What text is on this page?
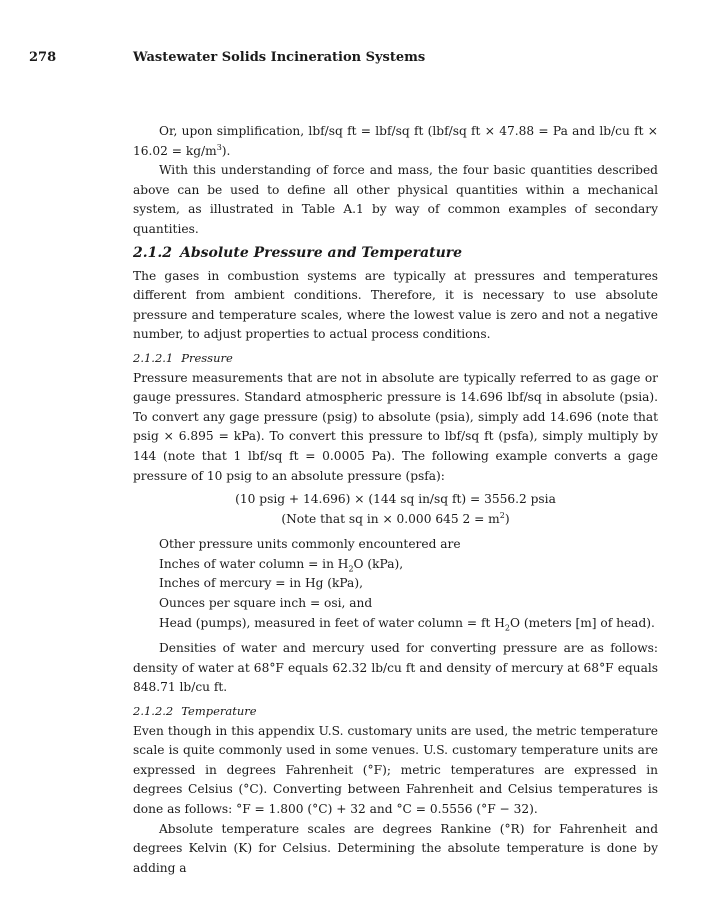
278	Wastewater Solids Incineration Systems

Or, upon simplification, lbf/sq ft = lbf/sq ft (lbf/sq ft × 47.88 = Pa and lb/cu ft × $16.02 = kg/m^3$).

With this understanding of force and mass, the four basic quantities described above can be used to define all other physical quantities within a mechanical system, as illustrated in Table A.1 by way of common examples of secondary quantities.

2.1.2 Absolute Pressure and Temperature

The gases in combustion systems are typically at pressures and temperatures different from ambient conditions. Therefore, it is necessary to use absolute pressure and temperature scales, where the lowest value is zero and not a negative number, to adjust properties to actual process conditions.

2.1.2.1 Pressure

Pressure measurements that are not in absolute are typically referred to as gage or gauge pressures. Standard atmospheric pressure is 14.696 lbf/sq in absolute (psia). To convert any gage pressure (psig) to absolute (psia), simply add 14.696 (note that psig × 6.895 = kPa). To convert this pressure to lbf/sq ft (psfa), simply multiply by 144 (note that 1 lbf/sq ft = 0.0005 Pa). The following example converts a gage pressure of 10 psig to an absolute pressure (psfa):

(10 psig + 14.696) × (144 sq in/sq ft) = 3556.2 psia

(Note that sq in × 0.000 645 $2 = m^2$)

Other pressure units commonly encountered are

Inches of water column = in $H_2O$ (kPa),

Inches of mercury = in Hg (kPa),

Ounces per square inch = osi, and

Head (pumps), measured in feet of water column = ft $H_2O$ (meters [m] of head).

Densities of water and mercury used for converting pressure are as follows: density of water at 68°F equals 62.32 lb/cu ft and density of mercury at 68°F equals 848.71 lb/cu ft.

2.1.2.2 Temperature

Even though in this appendix U.S. customary units are used, the metric temperature scale is quite commonly used in some venues. U.S. customary temperature units are expressed in degrees Fahrenheit (°F); metric temperatures are expressed in degrees Celsius (°C). Converting between Fahrenheit and Celsius temperatures is done as follows: °F = 1.800 (°C) + 32 and °C = 0.5556 (°F − 32).

Absolute temperature scales are degrees Rankine (°R) for Fahrenheit and degrees Kelvin (K) for Celsius. Determining the absolute temperature is done by adding a
